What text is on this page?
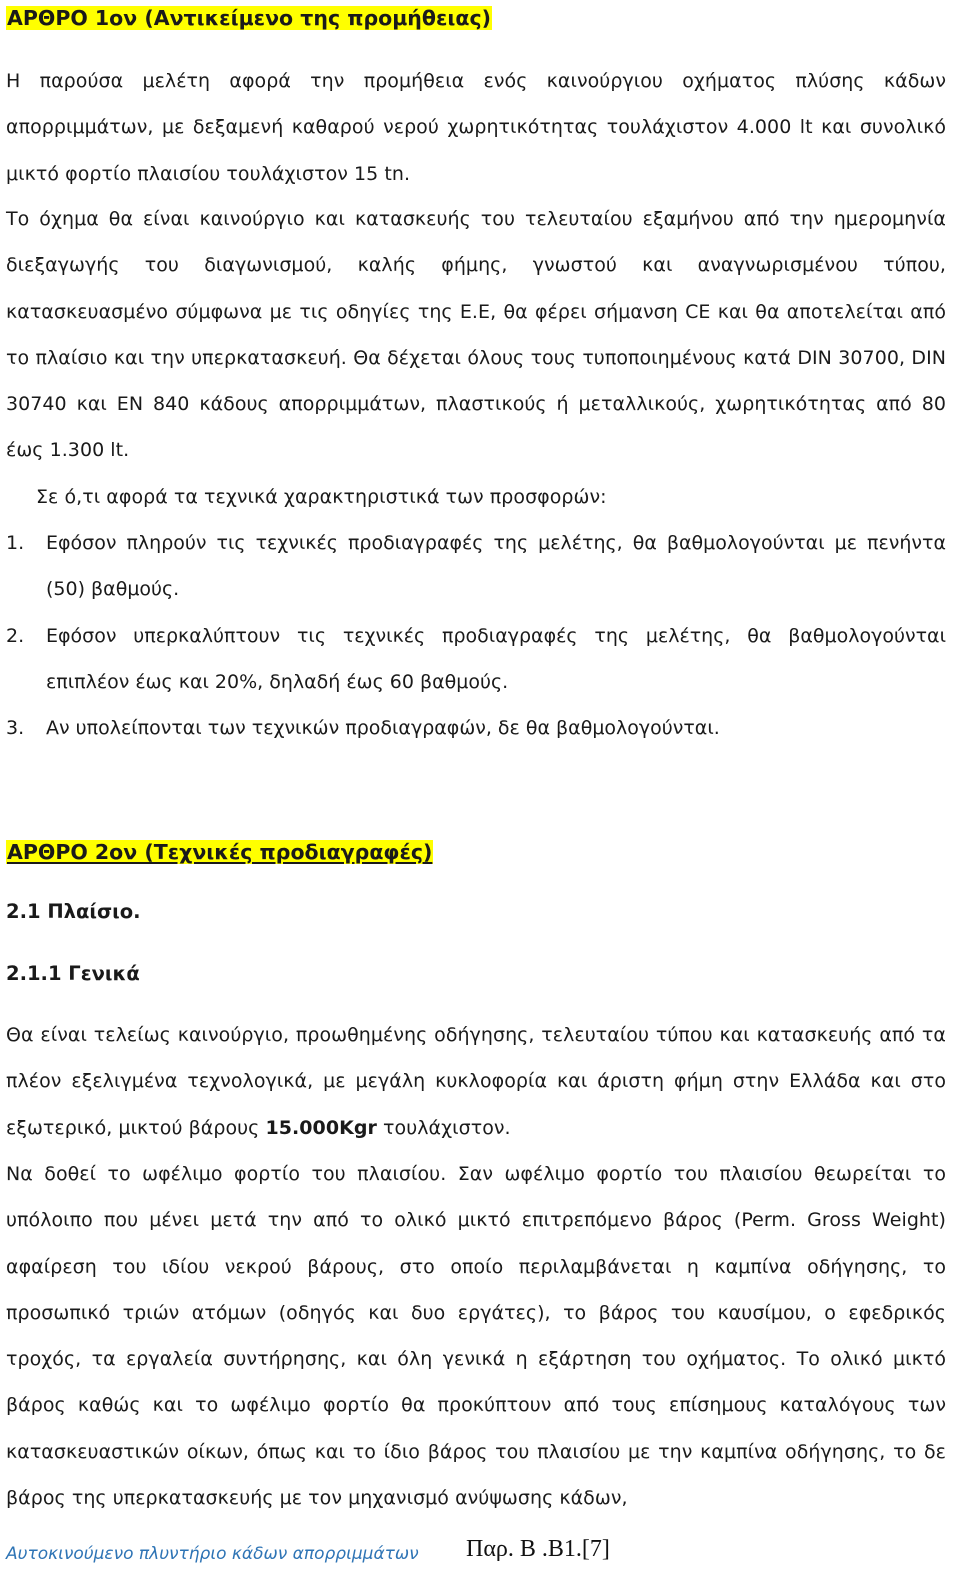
ΑΡΘΡΟ 1ον (Αντικείμενο της προμήθειας)

Η παρούσα μελέτη αφορά την προμήθεια ενός καινούργιου οχήματος πλύσης κάδων απορριμμάτων, με δεξαμενή καθαρού νερού χωρητικότητας τουλάχιστον 4.000 lt και συνολικό μικτό φορτίο πλαισίου τουλάχιστον 15 tn.

Το όχημα θα είναι καινούργιο και κατασκευής του τελευταίου εξαμήνου από την ημερομηνία διεξαγωγής του διαγωνισμού, καλής φήμης, γνωστού και αναγνωρισμένου τύπου, κατασκευασμένο σύμφωνα με τις οδηγίες της Ε.Ε, θα φέρει σήμανση CE και θα αποτελείται από το πλαίσιο και την υπερκατασκευή. Θα δέχεται όλους τους τυποποιημένους κατά DIN 30700, DIN 30740 και EN 840 κάδους απορριμμάτων, πλαστικούς ή μεταλλικούς, χωρητικότητας από 80 έως 1.300 lt.

Σε ό,τι αφορά τα τεχνικά χαρακτηριστικά των προσφορών:

1. Εφόσον πληρούν τις τεχνικές προδιαγραφές της μελέτης, θα βαθμολογούνται με πενήντα (50) βαθμούς.
2. Εφόσον υπερκαλύπτουν τις τεχνικές προδιαγραφές της μελέτης, θα βαθμολογούνται επιπλέον έως και 20%, δηλαδή έως 60 βαθμούς.
3. Αν υπολείπονται των τεχνικών προδιαγραφών, δε θα βαθμολογούνται.
ΑΡΘΡΟ 2ον (Τεχνικές προδιαγραφές)
2.1 Πλαίσιο.
2.1.1 Γενικά

Θα είναι τελείως καινούργιο, προωθημένης οδήγησης, τελευταίου τύπου και κατασκευής από τα πλέον εξελιγμένα τεχνολογικά, με μεγάλη κυκλοφορία και άριστη φήμη στην Ελλάδα και στο εξωτερικό, μικτού βάρους 15.000Kgr τουλάχιστον.

Να δοθεί το ωφέλιμο φορτίο του πλαισίου. Σαν ωφέλιμο φορτίο του πλαισίου θεωρείται το υπόλοιπο που μένει μετά την από το ολικό μικτό επιτρεπόμενο βάρος (Perm. Gross Weight) αφαίρεση του ιδίου νεκρού βάρους, στο οποίο περιλαμβάνεται η καμπίνα οδήγησης, το προσωπικό τριών ατόμων (οδηγός και δυο εργάτες), το βάρος του καυσίμου, ο εφεδρικός τροχός, τα εργαλεία συντήρησης, και όλη γενικά η εξάρτηση του οχήματος. Το ολικό μικτό βάρος καθώς και το ωφέλιμο φορτίο θα προκύπτουν από τους επίσημους καταλόγους των κατασκευαστικών οίκων, όπως και το ίδιο βάρος του πλαισίου με την καμπίνα οδήγησης, το δε βάρος της υπερκατασκευής με τον μηχανισμό ανύψωσης κάδων,

Αυτοκινούμενο πλυντήριο κάδων απορριμμάτων Παρ. Β .Β1.[7]
